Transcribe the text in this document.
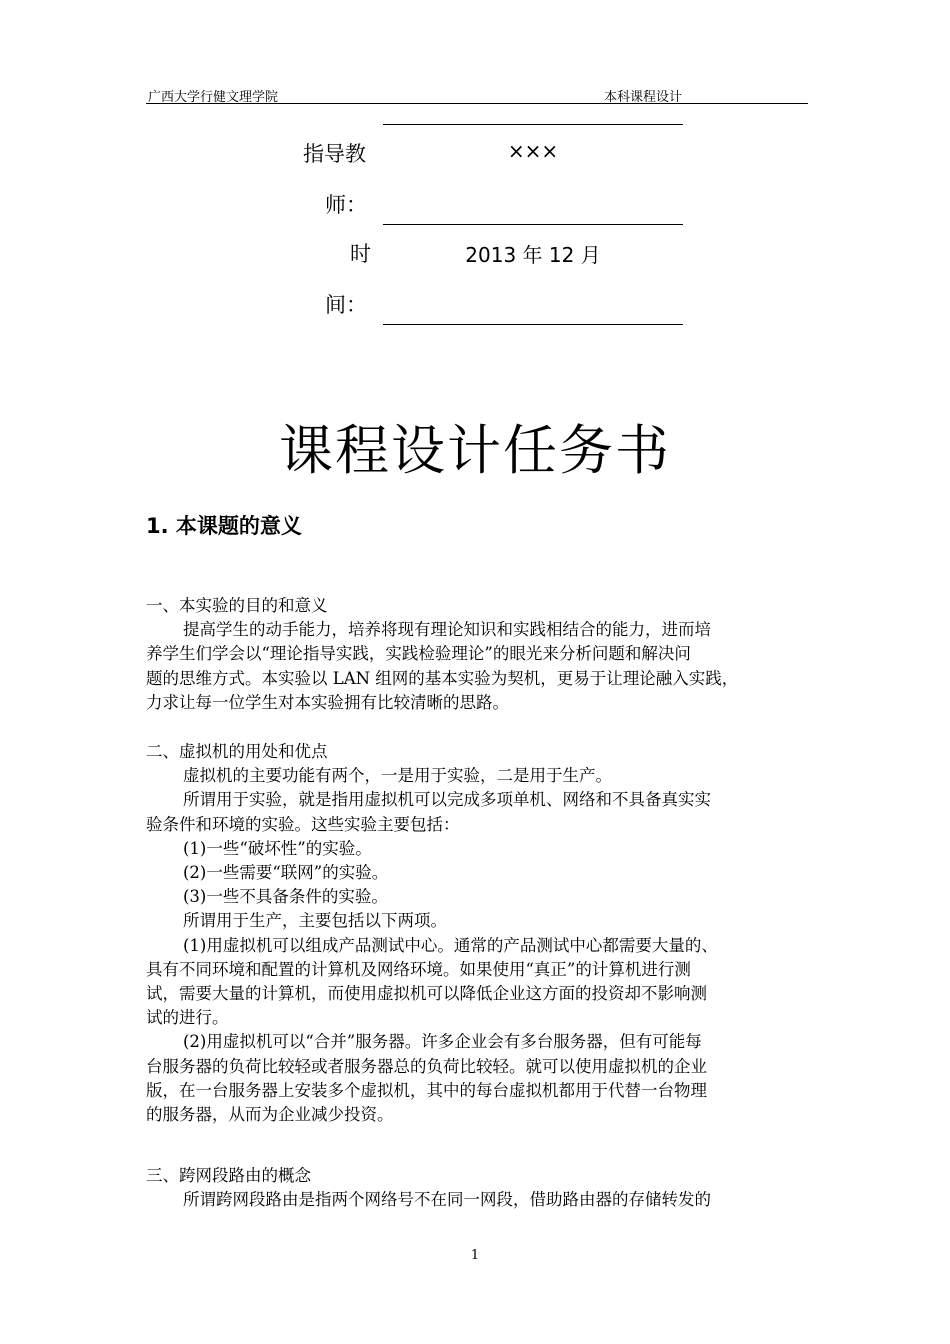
广西大学行健文理学院	本科课程设计
指导教	×××
师：
时	2013 年 12 月
间：
课程设计任务书
1. 本课题的意义
一、本实验的目的和意义
提高学生的动手能力，培养将现有理论知识和实践相结合的能力，进而培
养学生们学会以“理论指导实践，实践检验理论”的眼光来分析问题和解决问
题的思维方式。本实验以 LAN 组网的基本实验为契机，更易于让理论融入实践，
力求让每一位学生对本实验拥有比较清晰的思路。
二、虚拟机的用处和优点
虚拟机的主要功能有两个，一是用于实验，二是用于生产。
所谓用于实验，就是指用虚拟机可以完成多项单机、网络和不具备真实实
验条件和环境的实验。这些实验主要包括：
(1)一些“破坏性”的实验。
(2)一些需要“联网”的实验。
(3)一些不具备条件的实验。
所谓用于生产，主要包括以下两项。
(1)用虚拟机可以组成产品测试中心。通常的产品测试中心都需要大量的、
具有不同环境和配置的计算机及网络环境。如果使用“真正”的计算机进行测
试，需要大量的计算机，而使用虚拟机可以降低企业这方面的投资却不影响测
试的进行。
(2)用虚拟机可以“合并”服务器。许多企业会有多台服务器，但有可能每
台服务器的负荷比较轻或者服务器总的负荷比较轻。就可以使用虚拟机的企业
版，在一台服务器上安装多个虚拟机，其中的每台虚拟机都用于代替一台物理
的服务器，从而为企业减少投资。
三、跨网段路由的概念
所谓跨网段路由是指两个网络号不在同一网段，借助路由器的存储转发的
1
